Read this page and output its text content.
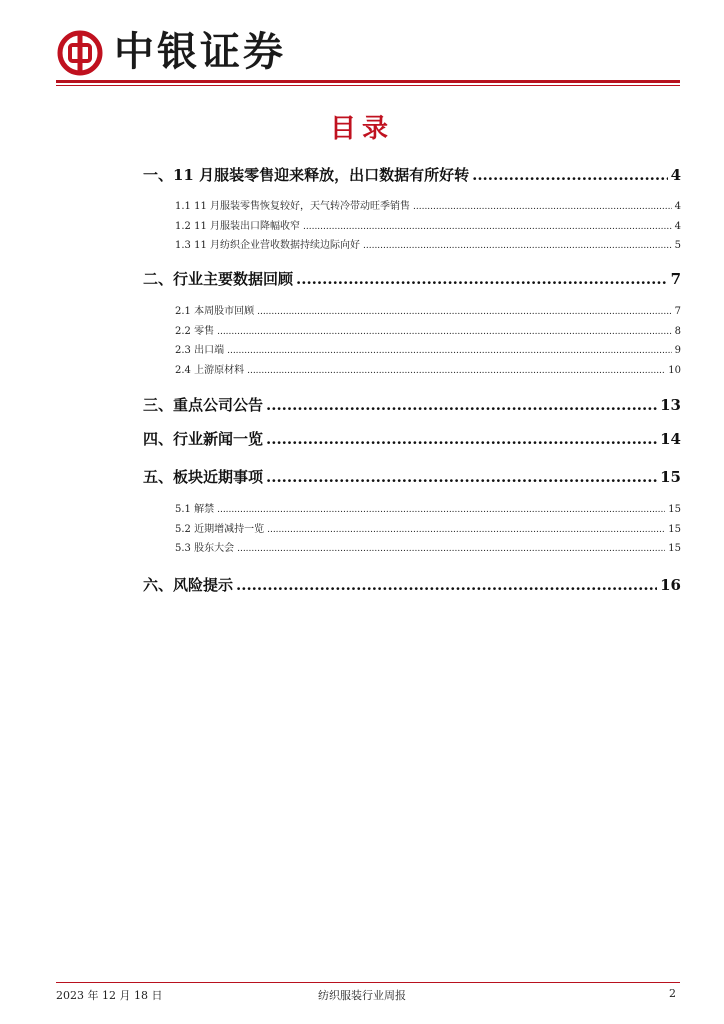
中银证券
目录
一、11 月服装零售迎来释放，出口数据有所好转 .....	4
1.1 11 月服装零售恢复较好，天气转冷带动旺季销售 .....	4
1.2 11 月服装出口降幅收窄 .....	4
1.3 11 月纺织企业营收数据持续边际向好 .....	5
二、行业主要数据回顾 .....	7
2.1 本周股市回顾 .....	7
2.2 零售 .....	8
2.3 出口端 .....	9
2.4 上游原材料 .....	10
三、重点公司公告 .....	13
四、行业新闻一览 .....	14
五、板块近期事项 .....	15
5.1 解禁 .....	15
5.2 近期增减持一览 .....	15
5.3 股东大会 .....	15
六、风险提示 .....	16
2023 年 12 月 18 日	纺织服装行业周报	2
